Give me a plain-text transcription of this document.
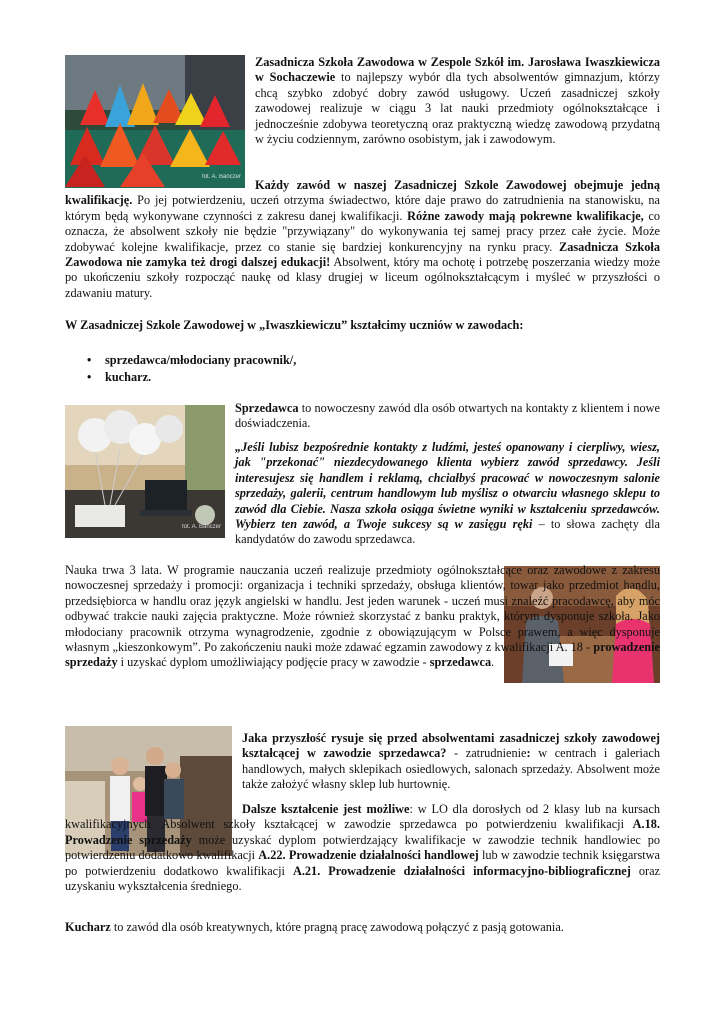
fot. A. Banczer

Zasadnicza Szkoła Zawodowa w Zespole Szkół im. Jarosława Iwaszkiewicza w Sochaczewie to najlepszy wybór dla tych absolwentów gimnazjum, którzy chcą szybko zdobyć dobry zawód usługowy. Uczeń zasadniczej szkoły zawodowej realizuje w ciągu 3 lat nauki przedmioty ogólnokształcące i jednocześnie zdobywa teoretyczną oraz praktyczną wiedzę zawodową przydatną w życiu codziennym, zarówno osobistym, jak i zawodowym.

Każdy zawód w naszej Zasadniczej Szkole Zawodowej obejmuje jedną kwalifikację. Po jej potwierdzeniu, uczeń otrzyma świadectwo, które daje prawo do zatrudnienia na stanowisku, na którym będą wykonywane czynności z zakresu danej kwalifikacji. Różne zawody mają pokrewne kwalifikacje, co oznacza, że absolwent szkoły nie będzie "przywiązany" do wykonywania tej samej pracy przez całe życie. Może zdobywać kolejne kwalifikacje, przez co stanie się bardziej konkurencyjny na rynku pracy. Zasadnicza Szkoła Zawodowa nie zamyka też drogi dalszej edukacji! Absolwent, który ma ochotę i potrzebę poszerzania wiedzy może po ukończeniu szkoły rozpocząć naukę od klasy drugiej w liceum ogólnokształcącym i myśleć w przyszłości o zdawaniu matury.

W Zasadniczej Szkole Zawodowej w „Iwaszkiewiczu” kształcimy uczniów w zawodach:

• sprzedawca/młodociany pracownik/,
• kucharz.
fot. A. Banczer

Sprzedawca to nowoczesny zawód dla osób otwartych na kontakty z klientem i nowe doświadczenia.

„Jeśli lubisz bezpośrednie kontakty z ludźmi, jesteś opanowany i cierpliwy, wiesz, jak "przekonać" niezdecydowanego klienta wybierz zawód sprzedawcy. Jeśli interesujesz się handlem i reklamą, chciałbyś pracować w nowoczesnym salonie sprzedaży, galerii, centrum handlowym lub myślisz o otwarciu własnego sklepu to zawód dla Ciebie. Nasza szkoła osiąga świetne wyniki w kształceniu sprzedawców. Wybierz ten zawód, a Twoje sukcesy są w zasięgu ręki – to słowa zachęty dla kandydatów do zawodu sprzedawca.

Nauka trwa 3 lata. W programie nauczania uczeń realizuje przedmioty ogólnokształcące oraz zawodowe z zakresu nowoczesnej sprzedaży i promocji: organizacja i techniki sprzedaży, obsługa klientów, towar jako przedmiot handlu, przedsiębiorca w handlu oraz język angielski w handlu. Jest jeden warunek - uczeń musi znaleźć pracodawcę, aby móc odbywać trakcie nauki zajęcia praktyczne. Może również skorzystać z banku praktyk, którym dysponuje szkoła. Jako młodociany pracownik otrzyma wynagrodzenie, zgodnie z obowiązującym w Polsce prawem, a więc dysponuje własnym „kieszonkowym”. Po zakończeniu nauki może zdawać egzamin zawodowy z kwalifikacji A. 18 - prowadzenie sprzedaży i uzyskać dyplom umożliwiający podjęcie pracy w zawodzie - sprzedawca.

Jaka przyszłość rysuje się przed absolwentami zasadniczej szkoły zawodowej kształcącej w zawodzie sprzedawca? - zatrudnienie: w centrach i galeriach handlowych, małych sklepikach osiedlowych, salonach sprzedaży. Absolwent może także założyć własny sklep lub hurtownię.

Dalsze kształcenie jest możliwe: w LO dla dorosłych od 2 klasy lub na kursach kwalifikacyjnych. Absolwent szkoły kształcącej w zawodzie sprzedawca po potwierdzeniu kwalifikacji A.18. Prowadzenie sprzedaży może uzyskać dyplom potwierdzający kwalifikacje w zawodzie technik handlowiec po potwierdzeniu dodatkowo kwalifikacji A.22. Prowadzenie działalności handlowej lub w zawodzie technik księgarstwa po potwierdzeniu dodatkowo kwalifikacji A.21. Prowadzenie działalności informacyjno-bibliograficznej oraz uzyskaniu wykształcenia średniego.

Kucharz to zawód dla osób kreatywnych, które pragną pracę zawodową połączyć z pasją gotowania.
